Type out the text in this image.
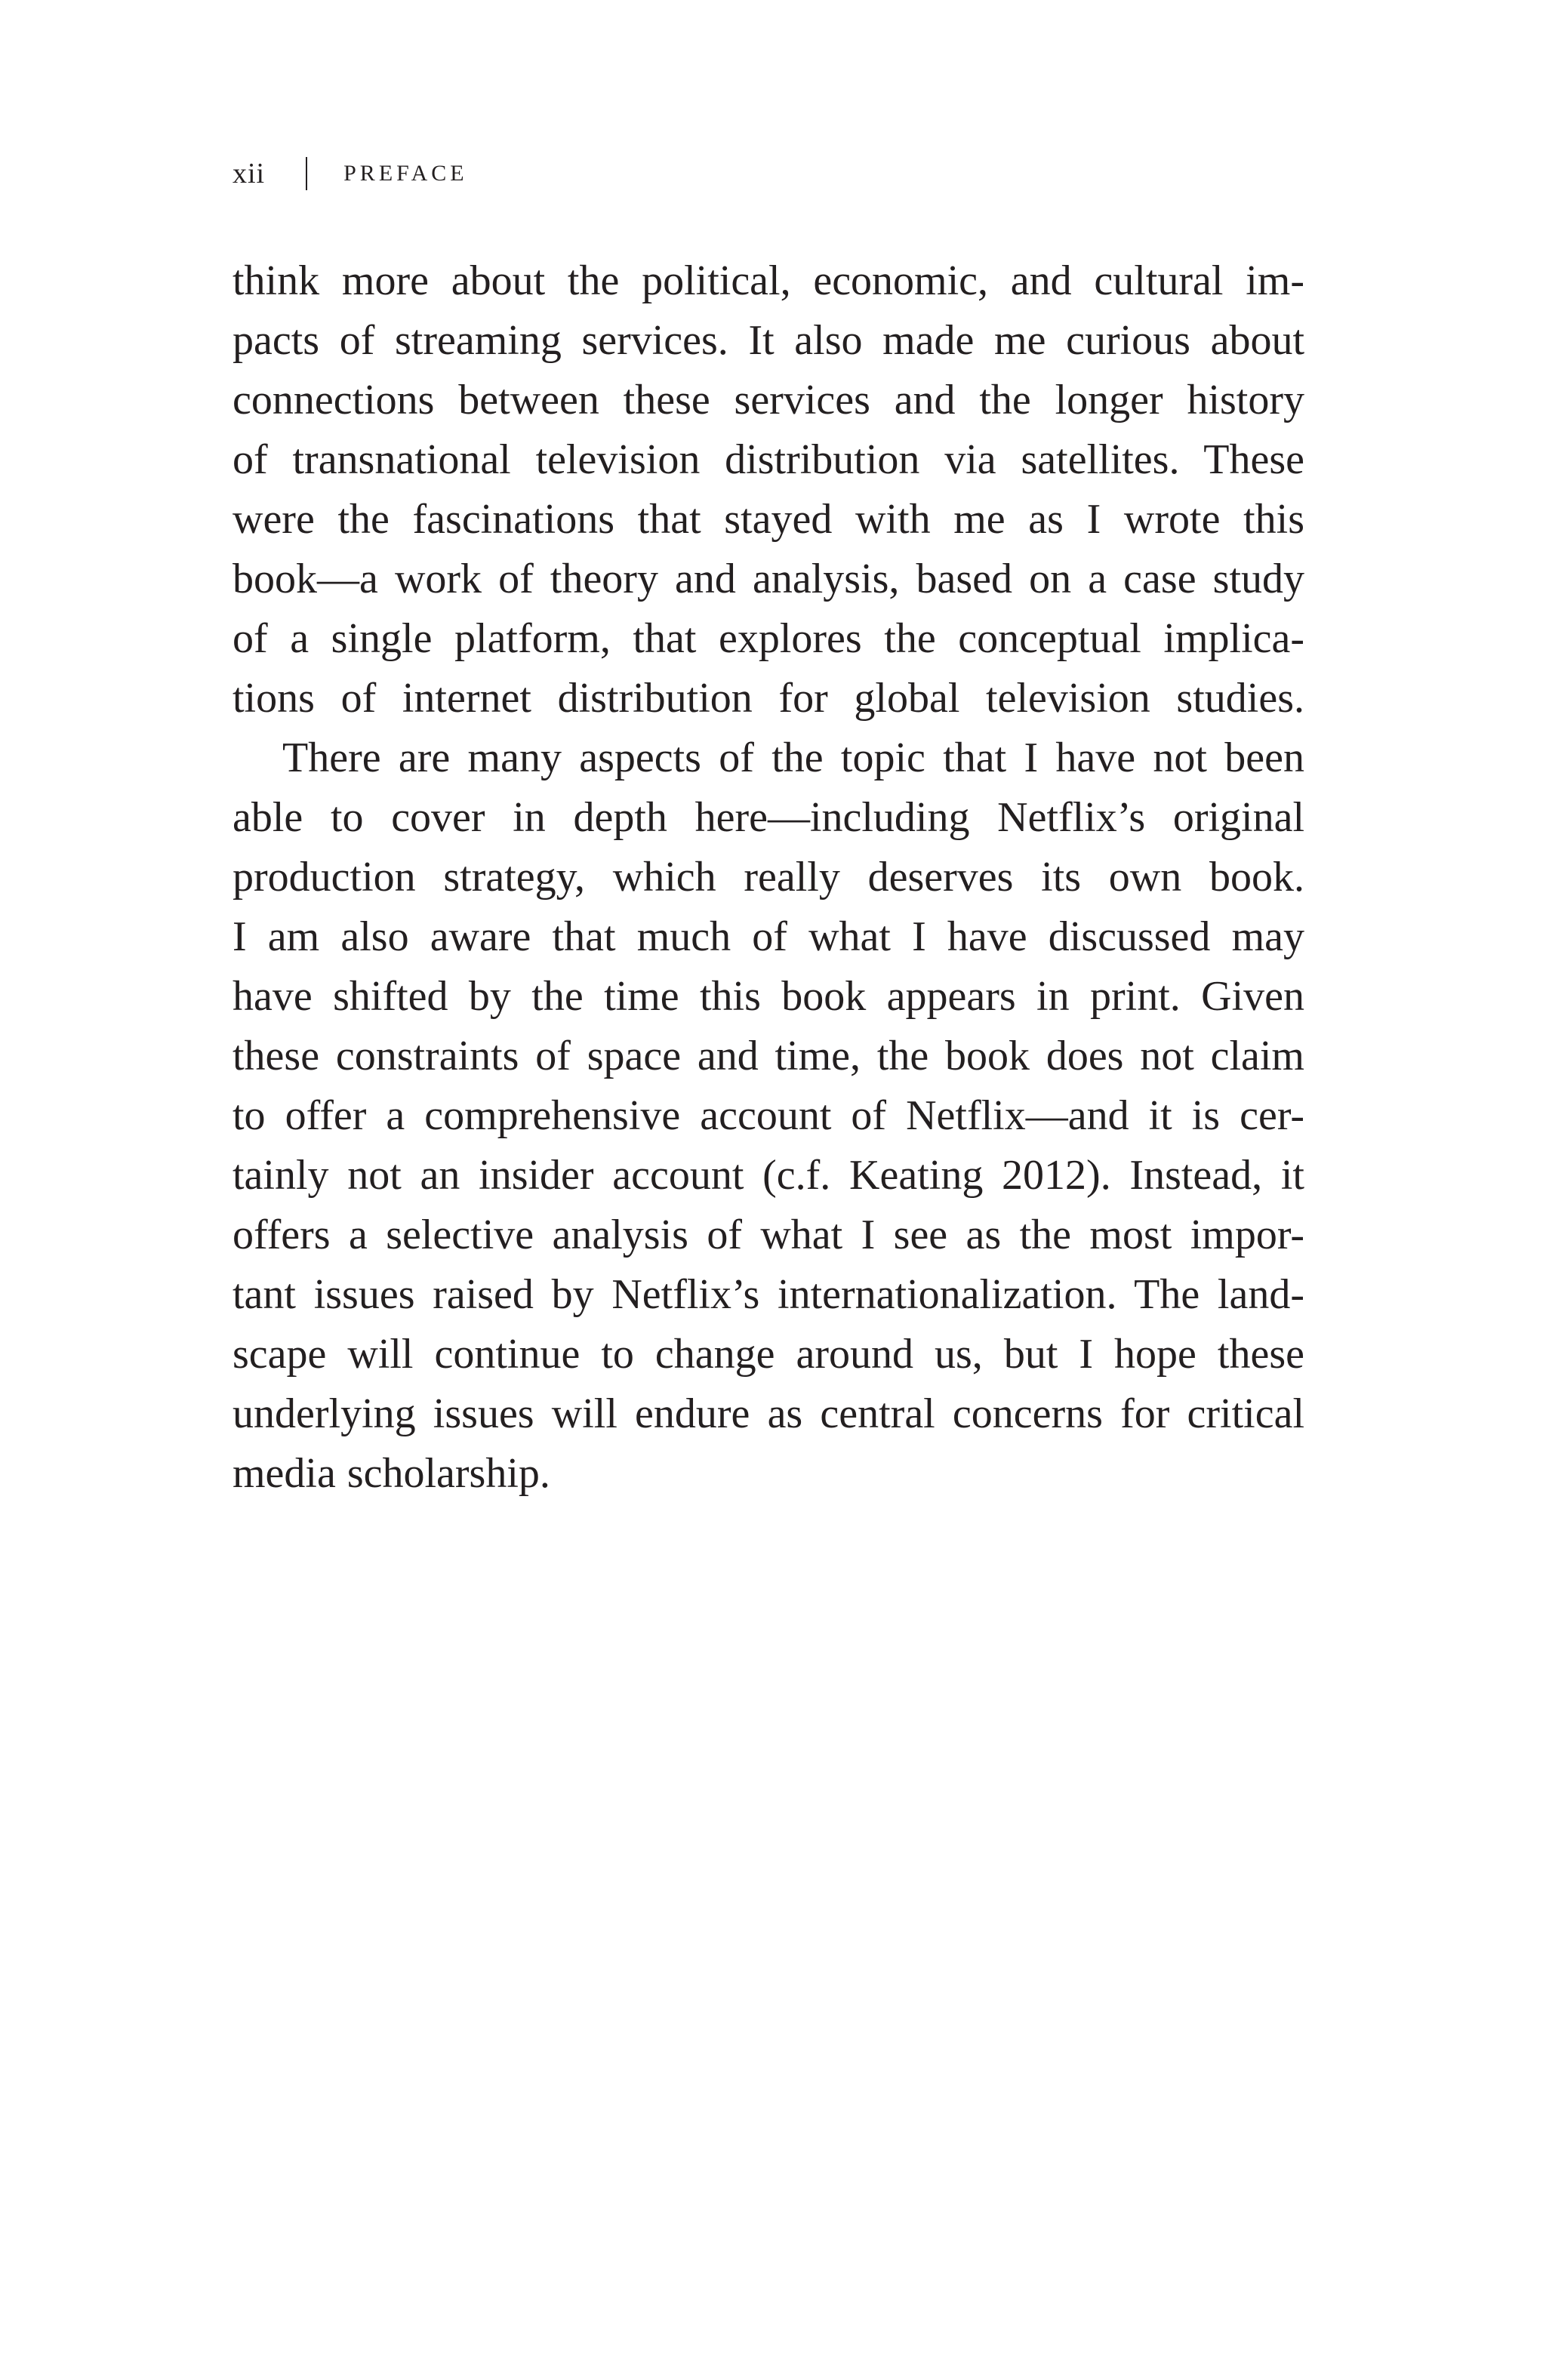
xii	PREFACE

think more about the political, economic, and cultural im-
pacts of streaming services. It also made me curious about
connections between these services and the longer history
of transnational television distribution via satellites. These
were the fascinations that stayed with me as I wrote this
book—a work of theory and analysis, based on a case study
of a single platform, that explores the conceptual implica-
tions of internet distribution for global television studies.

There are many aspects of the topic that I have not been
able to cover in depth here—including Netflix’s original
production strategy, which really deserves its own book.
I am also aware that much of what I have discussed may
have shifted by the time this book appears in print. Given
these constraints of space and time, the book does not claim
to offer a comprehensive account of Netflix—and it is cer-
tainly not an insider account (c.f. Keating 2012). Instead, it
offers a selective analysis of what I see as the most impor-
tant issues raised by Netflix’s internationalization. The land-
scape will continue to change around us, but I hope these
underlying issues will endure as central concerns for critical
media scholarship.
